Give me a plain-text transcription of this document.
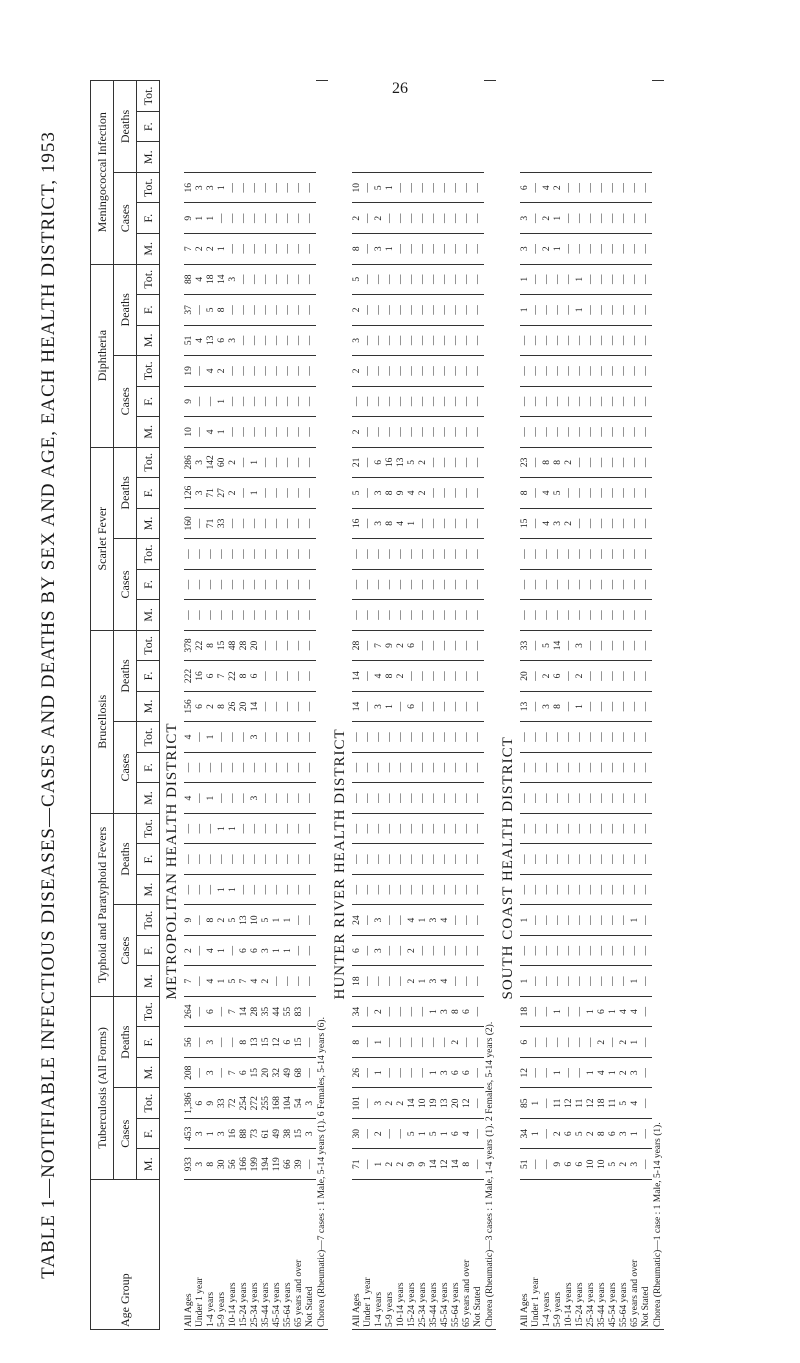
26
TABLE 1—NOTIFIABLE INFECTIOUS DISEASES—CASES AND DEATHS BY SEX AND AGE, EACH HEALTH DISTRICT, 1953
Age Group	Tuberculosis (All Forms)						Typhoid and Paratyphoid Fevers						Brucellosis						Scarlet Fever						Diphtheria						Meningococcal Infection					
	Cases			Deaths			Cases			Deaths			Cases			Deaths			Cases			Deaths			Cases			Deaths			Cases			Deaths		
	M.	F.	Tot.	M.	F.	Tot.	M.	F.	Tot.	M.	F.	Tot.	M.	F.	Tot.	M.	F.	Tot.	M.	F.	Tot.	M.	F.	Tot.	M.	F.	Tot.	M.	F.	Tot.	M.	F.	Tot.	M.	F.	Tot.
METROPOLITAN HEALTH DISTRICT																																				
All Ages	933	453	1,386	208	56	264	7	2	9	—	—	—	4	—	4	156	222	378	—	—	—	160	126	286	10	9	19	51	37	88	7	9	16			
Under 1 year	3	3	6	—	—	—	—	—	—	—	—	—	—	—	—	6	16	22	—	—	—	—	3	3	—	—	—	4	—	4	2	1	3			
1-4 years	8	1	9	3	3	6	4	4	8	—	—	—	1	—	1	2	6	8	—	—	—	71	71	142	4	—	4	13	5	18	2	1	3			
5-9 years	30	3	33	—	—	—	1	1	2	1	—	1	—	—	—	8	7	15	—	—	—	33	27	60	1	1	2	6	8	14	1	—	1			
10-14 years	56	16	72	7	—	7	5	—	5	1	—	1	—	—	—	26	22	48	—	—	—	—	2	2	—	—	—	3	—	3	—	—	—			
15-24 years	166	88	254	6	8	14	7	6	13	—	—	—	—	—	—	20	8	28	—	—	—	—	—	—	—	—	—	—	—	—	—	—	—			
25-34 years	199	73	272	15	13	28	4	6	10	—	—	—	3	—	3	14	6	20	—	—	—	—	1	1	—	—	—	—	—	—	—	—	—			
35-44 years	194	61	255	20	15	35	2	3	5	—	—	—	—	—	—	—	—	—	—	—	—	—	—	—	—	—	—	—	—	—	—	—	—			
45-54 years	119	49	168	32	12	44	—	1	1	—	—	—	—	—	—	—	—	—	—	—	—	—	—	—	—	—	—	—	—	—	—	—	—			
55-64 years	66	38	104	49	6	55	—	1	1	—	—	—	—	—	—	—	—	—	—	—	—	—	—	—	—	—	—	—	—	—	—	—	—			
65 years and over	39	15	54	68	15	83	—	—	—	—	—	—	—	—	—	—	—	—	—	—	—	—	—	—	—	—	—	—	—	—	—	—	—			
Not Stated	—	3	3	—	—	—	—	—	—	—	—	—	—	—	—	—	—	—	—	—	—	—	—	—	—	—	—	—	—	—	—	—	—			
Chorea (Rheumatic)—7 cases : 1 Male, 5-14 years (1). 6 Females, 5-14 years (6).																																				
HUNTER RIVER HEALTH DISTRICT																																				
All Ages	71	30	101	26	8	34	18	6	24	—	—	—	—	—	—	14	14	28	—	—	—	16	5	21	2	—	2	3	2	5	8	2	10			
Under 1 year	—	—	—	—	—	—	—	—	—	—	—	—	—	—	—	—	—	—	—	—	—	—	—	—	—	—	—	—	—	—	—	—	—			
1-4 years	1	2	3	1	1	2	—	3	3	—	—	—	—	—	—	3	4	7	—	—	—	3	3	6	—	—	—	—	—	—	3	2	5			
5-9 years	2	—	2	—	—	—	—	—	—	—	—	—	—	—	—	1	8	9	—	—	—	8	8	16	—	—	—	—	—	—	1	—	1			
10-14 years	2	—	2	—	—	—	—	—	—	—	—	—	—	—	—	—	2	2	—	—	—	4	9	13	—	—	—	—	—	—	—	—	—			
15-24 years	9	5	14	—	—	—	2	2	4	—	—	—	—	—	—	6	—	6	—	—	—	1	4	5	—	—	—	—	—	—	—	—	—			
25-34 years	9	1	10	—	—	—	1	—	1	—	—	—	—	—	—	—	—	—	—	—	—	—	2	2	—	—	—	—	—	—	—	—	—			
35-44 years	14	5	19	1	—	1	3	—	3	—	—	—	—	—	—	—	—	—	—	—	—	—	—	—	—	—	—	—	—	—	—	—	—			
45-54 years	12	1	13	3	—	3	4	—	4	—	—	—	—	—	—	—	—	—	—	—	—	—	—	—	—	—	—	—	—	—	—	—	—			
55-64 years	14	6	20	6	2	8	—	—	—	—	—	—	—	—	—	—	—	—	—	—	—	—	—	—	—	—	—	—	—	—	—	—	—			
65 years and over	8	4	12	6	—	6	—	—	—	—	—	—	—	—	—	—	—	—	—	—	—	—	—	—	—	—	—	—	—	—	—	—	—			
Not Stated	—	—	—	—	—	—	—	—	—	—	—	—	—	—	—	—	—	—	—	—	—	—	—	—	—	—	—	—	—	—	—	—	—			
Chorea (Rheumatic)—3 cases : 1 Male, 1-4 years (1). 2 Females, 5-14 years (2).																																				
SOUTH COAST HEALTH DISTRICT																																				
All Ages	51	34	85	12	6	18	1	—	1	—	—	—	—	—	—	13	20	33	—	—	—	15	8	23	—	—	—	—	1	1	3	3	6			
Under 1 year	—	1	1	—	—	—	—	—	—	—	—	—	—	—	—	—	—	—	—	—	—	—	—	—	—	—	—	—	—	—	—	—	—			
1-4 years	—	—	—	—	—	—	—	—	—	—	—	—	—	—	—	3	2	5	—	—	—	4	4	8	—	—	—	—	—	—	2	2	4			
5-9 years	9	2	11	1	—	1	—	—	—	—	—	—	—	—	—	8	6	14	—	—	—	3	5	8	—	—	—	—	—	—	1	1	2			
10-14 years	6	6	12	—	—	—	—	—	—	—	—	—	—	—	—	—	—	—	—	—	—	2	—	2	—	—	—	—	—	—	—	—	—			
15-24 years	6	5	11	—	—	—	—	—	—	—	—	—	—	—	—	1	2	3	—	—	—	—	—	—	—	—	—	—	1	1	—	—	—			
25-34 years	10	2	12	1	—	1	—	—	—	—	—	—	—	—	—	—	—	—	—	—	—	—	—	—	—	—	—	—	—	—	—	—	—			
35-44 years	10	8	18	4	2	6	—	—	—	—	—	—	—	—	—	—	—	—	—	—	—	—	—	—	—	—	—	—	—	—	—	—	—			
45-54 years	5	6	11	1	—	1	—	—	—	—	—	—	—	—	—	—	—	—	—	—	—	—	—	—	—	—	—	—	—	—	—	—	—			
55-64 years	2	3	5	2	2	4	—	—	—	—	—	—	—	—	—	—	—	—	—	—	—	—	—	—	—	—	—	—	—	—	—	—	—			
65 years and over	3	1	4	3	1	4	1	—	1	—	—	—	—	—	—	—	—	—	—	—	—	—	—	—	—	—	—	—	—	—	—	—	—			
Not Stated	—	—	—	—	—	—	—	—	—	—	—	—	—	—	—	—	—	—	—	—	—	—	—	—	—	—	—	—	—	—	—	—	—			
Chorea (Rheumatic)—1 case : 1 Male, 5-14 years (1).																																				
